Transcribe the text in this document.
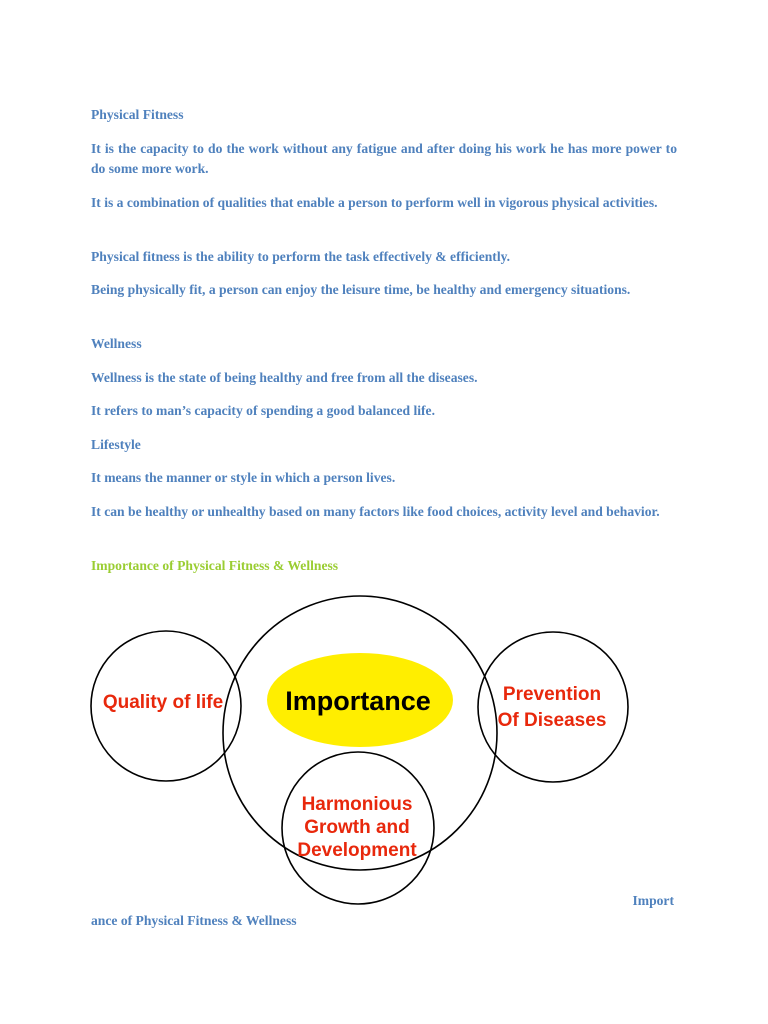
Physical Fitness

It is the capacity to do the work without any fatigue and after doing his work he has more power to do some more work.

It is a combination of qualities that enable a person to perform well in vigorous physical activities.

Physical fitness is the ability to perform the task effectively & efficiently.

Being physically fit, a person can enjoy the leisure time, be healthy and emergency situations.

Wellness

Wellness is the state of being healthy and free from all the diseases.

It refers to man’s capacity of spending a good balanced life.

Lifestyle

It means the manner or style in which a person lives.

It can be healthy or unhealthy based on many factors like food choices, activity level and behavior.

Importance of Physical Fitness & Wellness

Importance
Quality of life	Prevention
Of Diseases
Harmonious
Growth and
Development
Import
ance of Physical Fitness & Wellness
